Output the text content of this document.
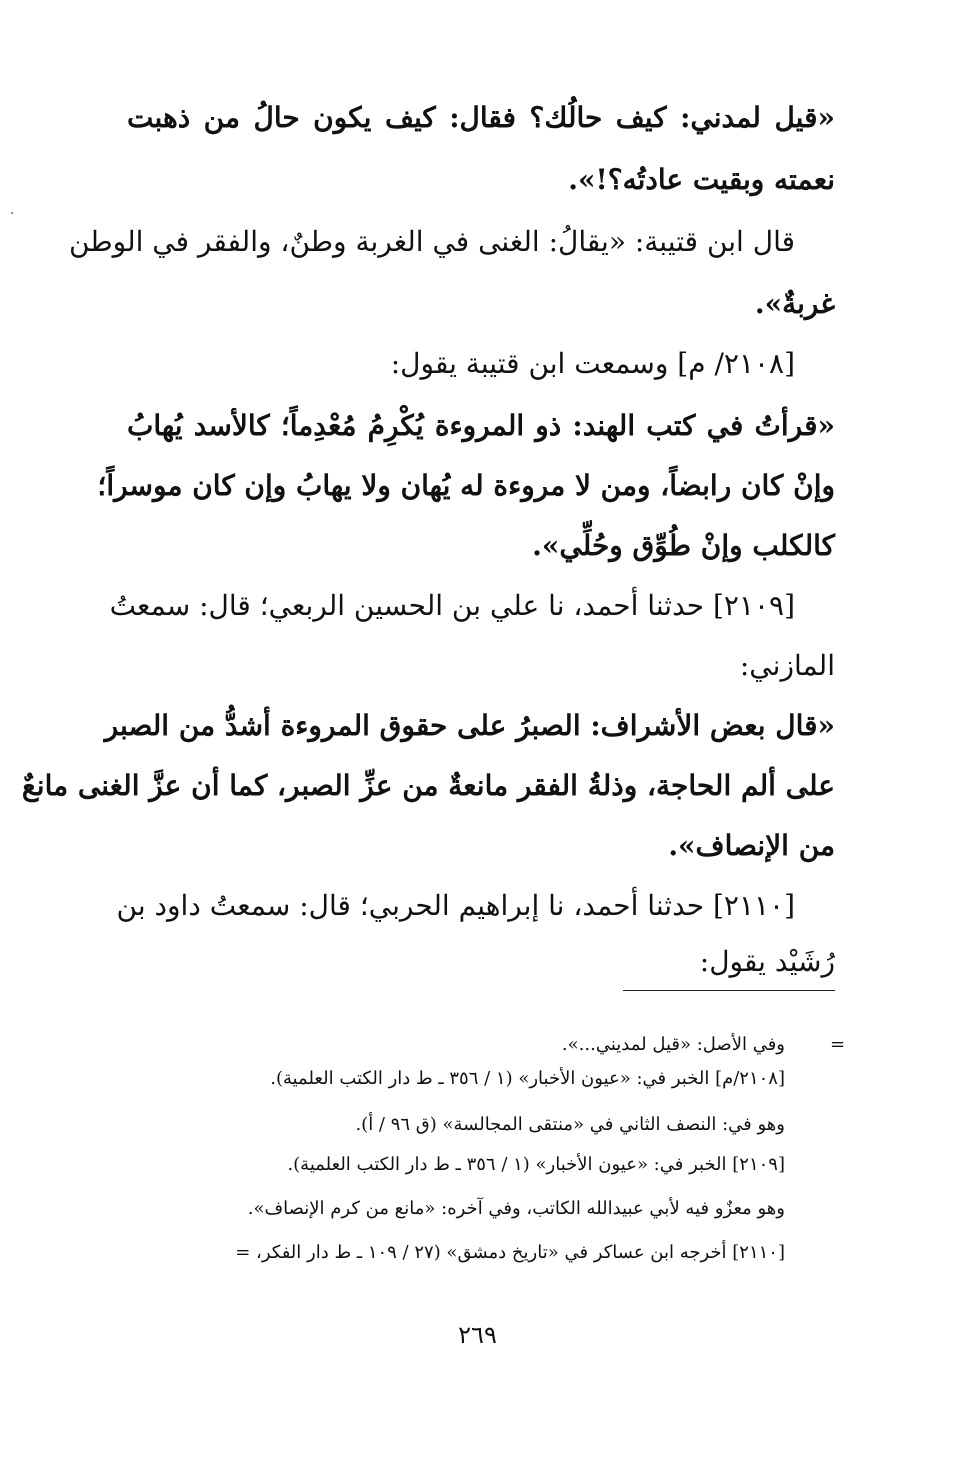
·
«قيل لمدني: كيف حالُك؟ فقال: كيف يكون حالُ من ذهبت
نعمته وبقيت عادتُه؟!».
قال ابن قتيبة: «يقالُ: الغنى في الغربة وطنٌ، والفقر في الوطن
غربةٌ».
[٢١٠٨/ م] وسمعت ابن قتيبة يقول:
«قرأتُ في كتب الهند: ذو المروءة يُكْرِمُ مُعْدِماً؛ كالأسد يُهابُ
وإنْ كان رابضاً، ومن لا مروءة له يُهان ولا يهابُ وإن كان موسراً؛
كالكلب وإنْ طُوِّق وحُلِّي».
[٢١٠٩] حدثنا أحمد، نا علي بن الحسين الربعي؛ قال: سمعتُ
المازني:
«قال بعض الأشراف: الصبرُ على حقوق المروءة أشدُّ من الصبر
على ألم الحاجة، وذلةُ الفقر مانعةٌ من عزِّ الصبر، كما أن عزَّ الغنى مانعٌ
من الإنصاف».
[٢١١٠] حدثنا أحمد، نا إبراهيم الحربي؛ قال: سمعتُ داود بن
رُشَيْد يقول:
=
وفي الأصل: «قيل لمديني...».
[٢١٠٨/م] الخبر في: «عيون الأخبار» (١ / ٣٥٦ ـ ط دار الكتب العلمية).
وهو في: النصف الثاني في «منتقى المجالسة» (ق ٩٦ / أ).
[٢١٠٩] الخبر في: «عيون الأخبار» (١ / ٣٥٦ ـ ط دار الكتب العلمية).
وهو معزٌو فيه لأبي عبيدالله الكاتب، وفي آخره: «مانع من كرم الإنصاف».
[٢١١٠] أخرجه ابن عساكر في «تاريخ دمشق» (٢٧ / ١٠٩ ـ ط دار الفكر، =
٢٦٩
